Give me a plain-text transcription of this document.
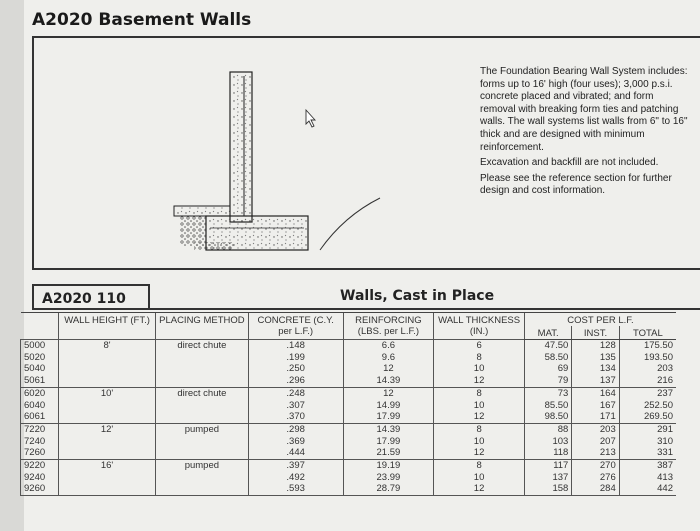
A2020 Basement Walls

The Foundation Bearing Wall System includes: forms up to 16' high (four uses); 3,000 p.s.i. concrete placed and vibrated; and form removal with breaking form ties and patching walls. The wall systems list walls from 6" to 16" thick and are designed with minimum reinforcement.

Excavation and backfill are not included.

Please see the reference section for further design and cost information.

A2020 110	Walls, Cast in Place
	WALL HEIGHT (FT.)	PLACING METHOD	CONCRETE (C.Y. per L.F.)	REINFORCING (LBS. per L.F.)	WALL THICKNESS (IN.)	COST PER L.F.		
						MAT.	INST.	TOTAL
5000	8'	direct chute	.148	6.6	6	47.50	128	175.50
5020			.199	9.6	8	58.50	135	193.50
5040			.250	12	10	69	134	203
5061			.296	14.39	12	79	137	216
6020	10'	direct chute	.248	12	8	73	164	237
6040			.307	14.99	10	85.50	167	252.50
6061			.370	17.99	12	98.50	171	269.50
7220	12'	pumped	.298	14.39	8	88	203	291
7240			.369	17.99	10	103	207	310
7260			.444	21.59	12	118	213	331
9220	16'	pumped	.397	19.19	8	117	270	387
9240			.492	23.99	10	137	276	413
9260			.593	28.79	12	158	284	442
